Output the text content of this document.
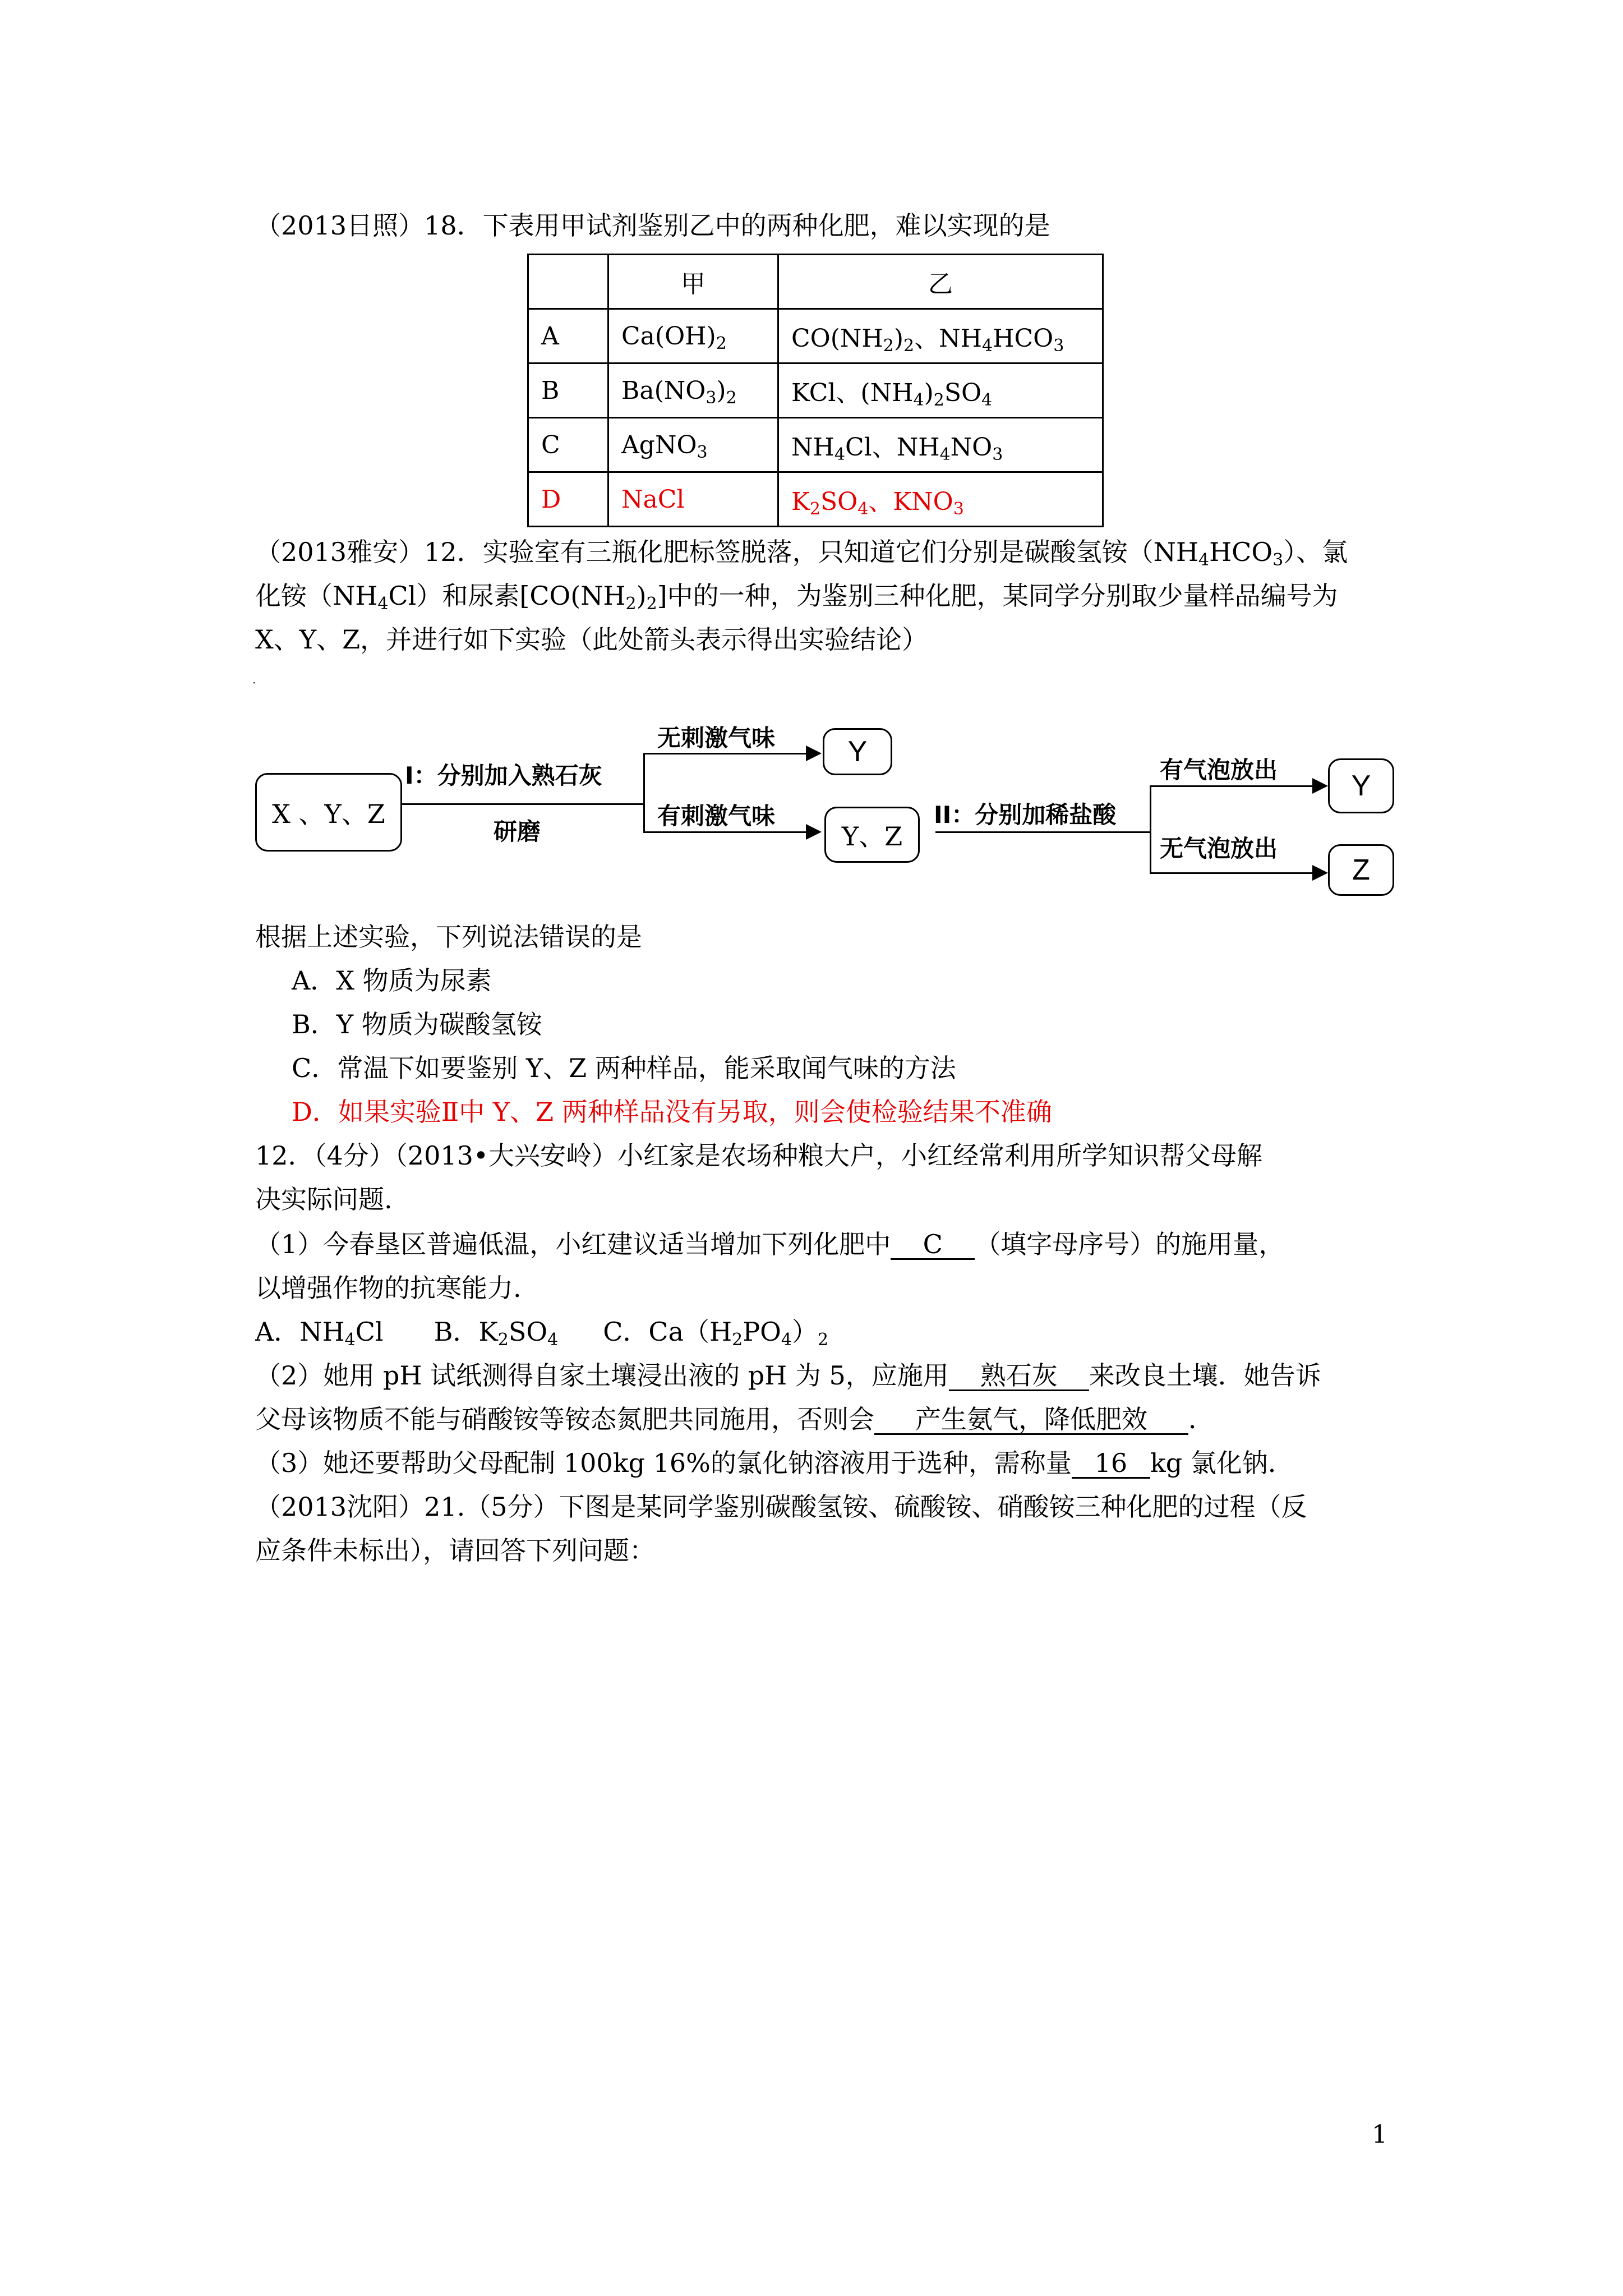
（2013日照）18．下表用甲试剂鉴别乙中的两种化肥，难以实现的是
	甲	乙
A	$Ca(OH)_2$	$CO(NH_2)_2$、$NH_4HCO_3$
B	$Ba(NO_3)_2$	KCl、$(NH_4)_2SO_4$
C	AgNO$_3$	$NH_4Cl$、$NH_4NO_3$
D	NaCl	$K_2SO_4$、$KNO_3$
（2013雅安）12．实验室有三瓶化肥标签脱落，只知道它们分别是碳酸氢铵$(NH_4HCO_3)$、氯
化铵$(NH_4Cl)$和尿素$[CO(NH_2)_2]$中的一种，为鉴别三种化肥，某同学分别取少量样品编号为
X、Y、Z，并进行如下实验（此处箭头表示得出实验结论）
·
X 、Y、Z
I：分别加入熟石灰
研磨
无刺激气味	Y
有刺激气味
Y、Z
II：分别加稀盐酸
有气泡放出	Y
无气泡放出
Z
根据上述实验，下列说法错误的是
A．X 物质为尿素
B．Y 物质为碳酸氢铵
C．常温下如要鉴别 Y、Z 两种样品，能采取闻气味的方法
D．如果实验Ⅱ中 Y、Z 两种样品没有另取，则会使检验结果不准确
12．（4分）（2013•大兴安岭）小红家是农场种粮大户，小红经常利用所学知识帮父母解
决实际问题.
（1）今春垦区普遍低温，小红建议适当增加下列化肥中 C （填字母序号）的施用量，
以增强作物的抗寒能力.
A．$NH_4Cl$ B．$K_2SO_4$ C．$Ca(H_2PO_4)_2$
（2）她用 pH 试纸测得自家土壤浸出液的 pH 为 5，应施用 熟石灰 来改良土壤．她告诉
父母该物质不能与硝酸铵等铵态氮肥共同施用，否则会 产生氨气，降低肥效 ．
（3）她还要帮助父母配制 100kg 16%的氯化钠溶液用于选种，需称量 16 kg 氯化钠．
（2013沈阳）21.（5分）下图是某同学鉴别碳酸氢铵、硫酸铵、硝酸铵三种化肥的过程（反
应条件未标出），请回答下列问题：
1
